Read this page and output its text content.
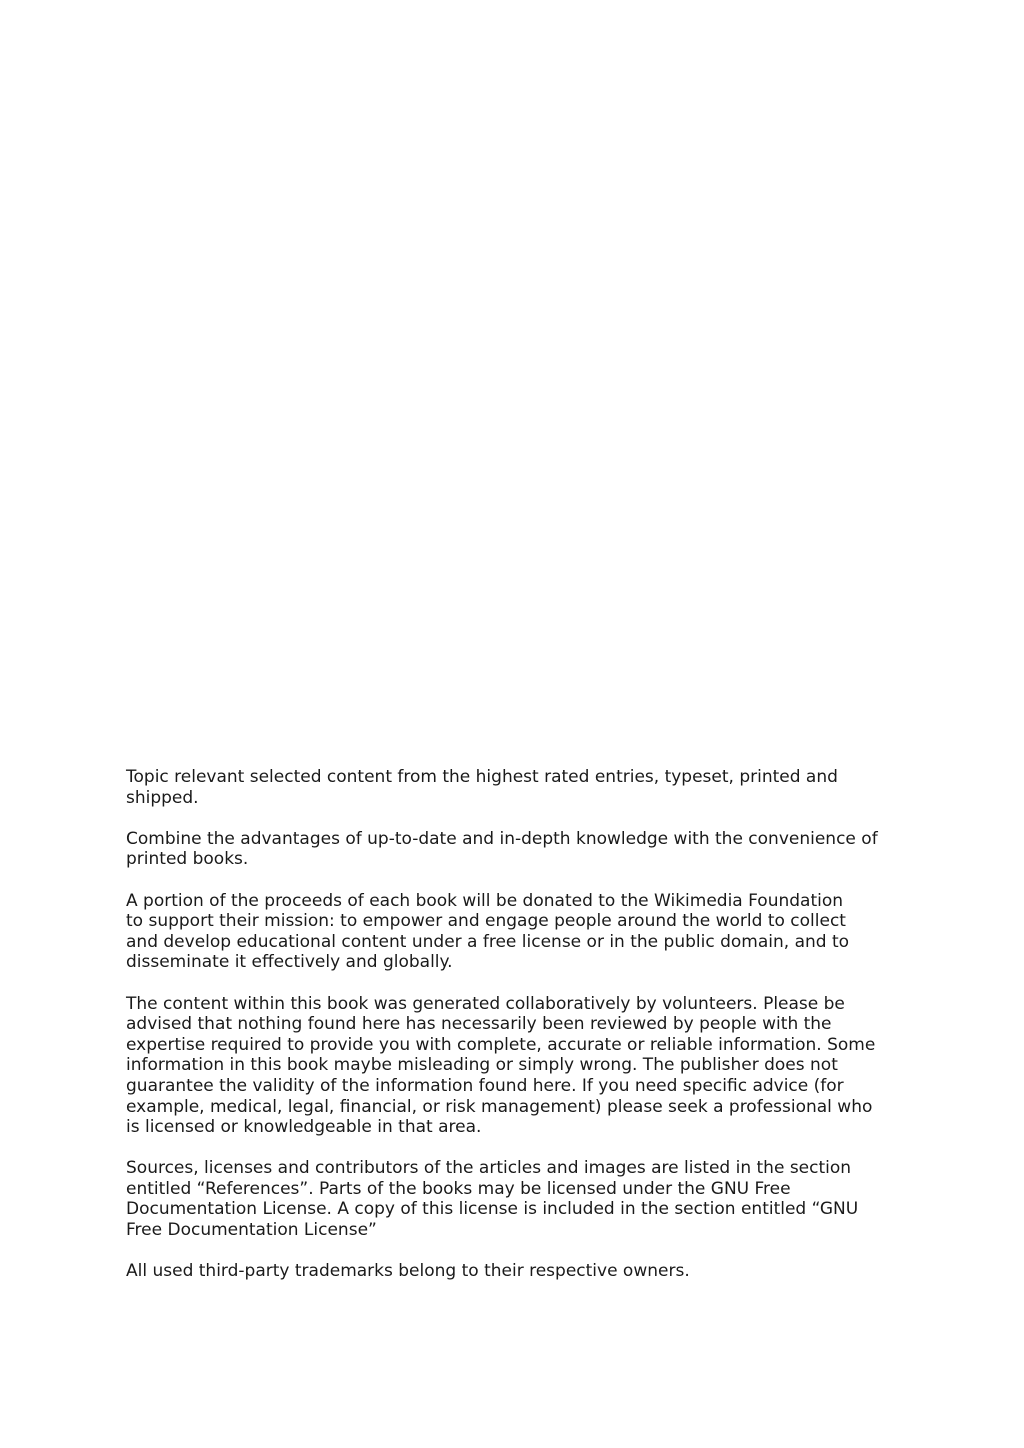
Topic relevant selected content from the highest rated entries, typeset, printed and
shipped.

Combine the advantages of up-to-date and in-depth knowledge with the convenience of
printed books.

A portion of the proceeds of each book will be donated to the Wikimedia Foundation
to support their mission: to empower and engage people around the world to collect
and develop educational content under a free license or in the public domain, and to
disseminate it effectively and globally.

The content within this book was generated collaboratively by volunteers. Please be
advised that nothing found here has necessarily been reviewed by people with the
expertise required to provide you with complete, accurate or reliable information. Some
information in this book maybe misleading or simply wrong. The publisher does not
guarantee the validity of the information found here. If you need specific advice (for
example, medical, legal, financial, or risk management) please seek a professional who
is licensed or knowledgeable in that area.

Sources, licenses and contributors of the articles and images are listed in the section
entitled “References”. Parts of the books may be licensed under the GNU Free
Documentation License. A copy of this license is included in the section entitled “GNU
Free Documentation License”

All used third-party trademarks belong to their respective owners.
